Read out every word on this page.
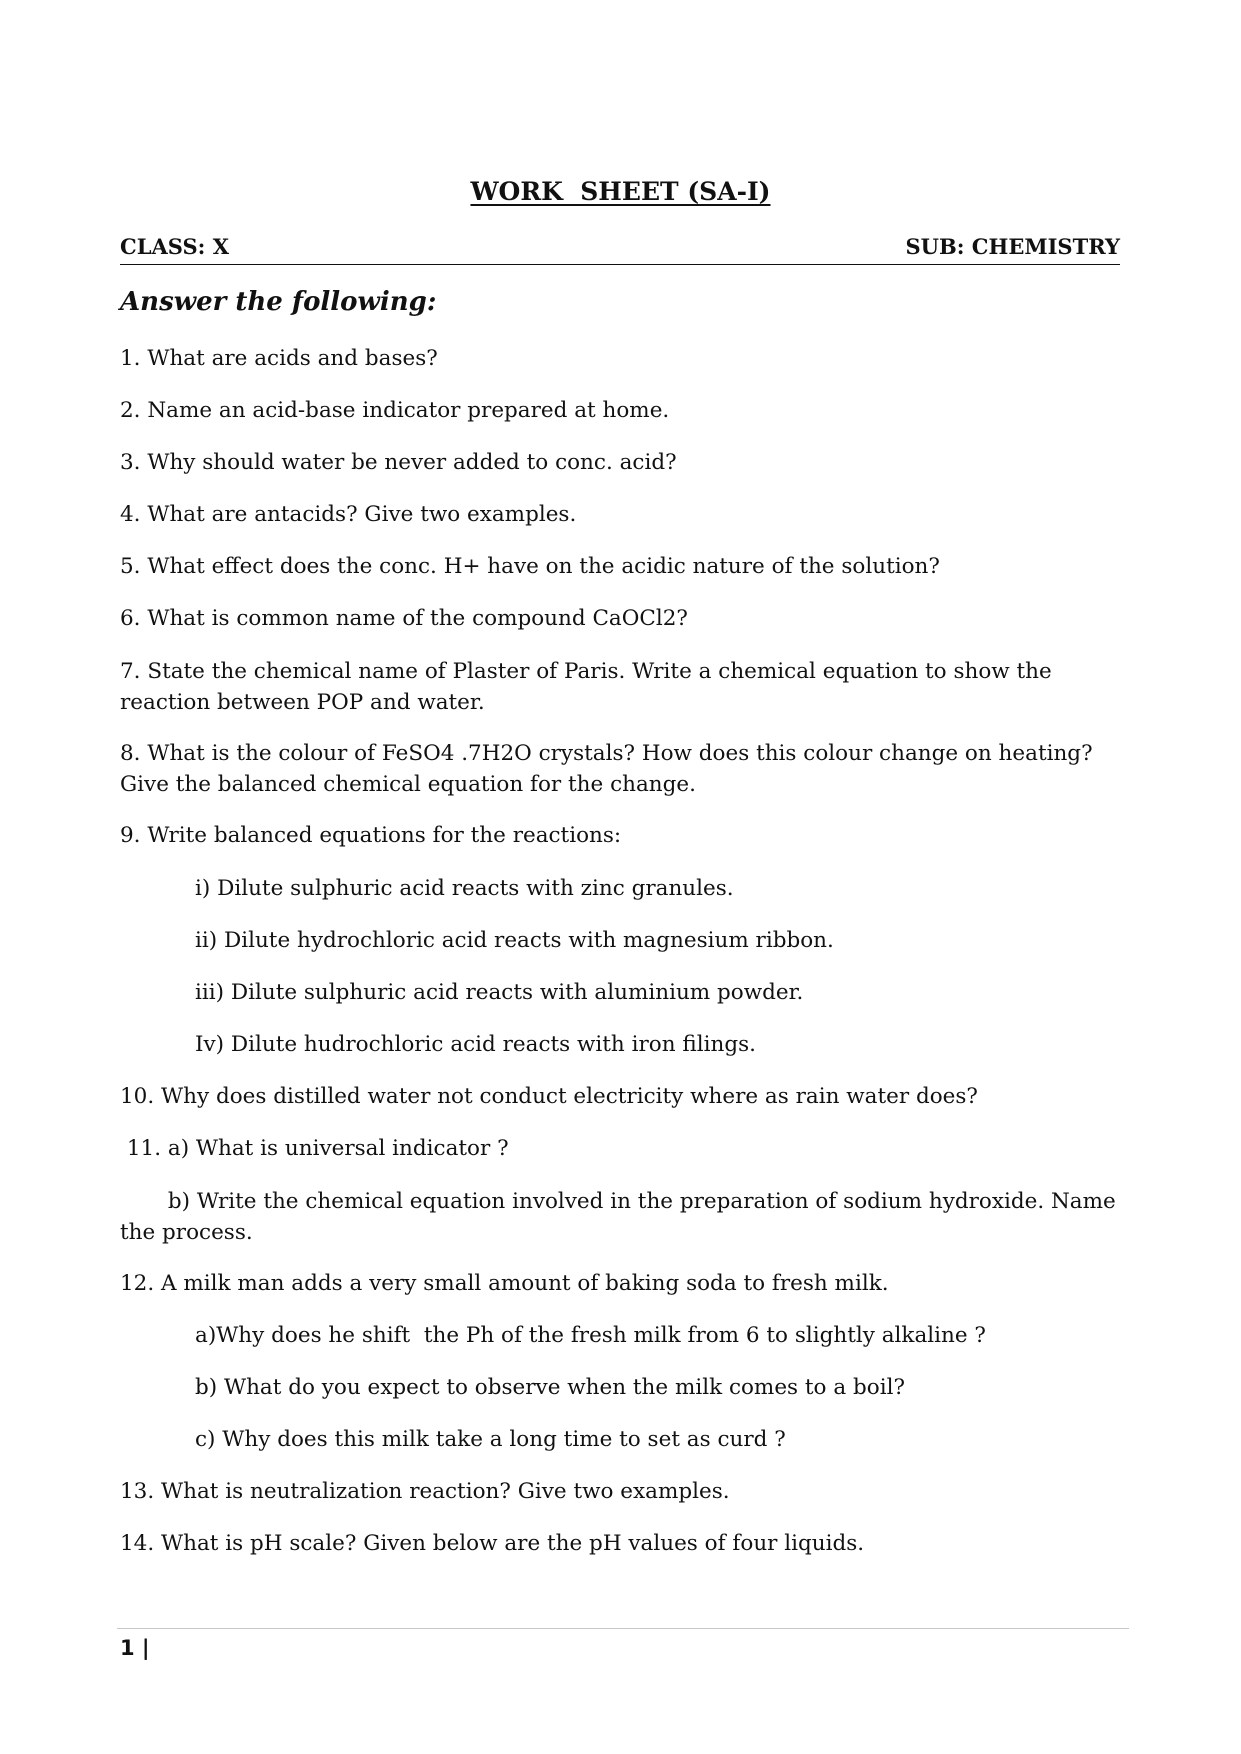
WORK  SHEET (SA-I)
CLASS: X	SUB: CHEMISTRY
Answer the following:
1. What are acids and bases?
2. Name an acid-base indicator prepared at home.
3. Why should water be never added to conc. acid?
4. What are antacids? Give two examples.
5. What effect does the conc. H+ have on the acidic nature of the solution?
6. What is common name of the compound CaOCl2?
7. State the chemical name of Plaster of Paris. Write a chemical equation to show the reaction between POP and water.
8. What is the colour of FeSO4 .7H2O crystals? How does this colour change on heating? Give the balanced chemical equation for the change.
9. Write balanced equations for the reactions:
i) Dilute sulphuric acid reacts with zinc granules.
ii) Dilute hydrochloric acid reacts with magnesium ribbon.
iii) Dilute sulphuric acid reacts with aluminium powder.
Iv) Dilute hudrochloric acid reacts with iron filings.
10. Why does distilled water not conduct electricity where as rain water does?
11. a) What is universal indicator ?
b) Write the chemical equation involved in the preparation of sodium hydroxide. Name the process.
12. A milk man adds a very small amount of baking soda to fresh milk.
a)Why does he shift  the Ph of the fresh milk from 6 to slightly alkaline ?
b) What do you expect to observe when the milk comes to a boil?
c) Why does this milk take a long time to set as curd ?
13. What is neutralization reaction? Give two examples.
14. What is pH scale? Given below are the pH values of four liquids.
1 |
